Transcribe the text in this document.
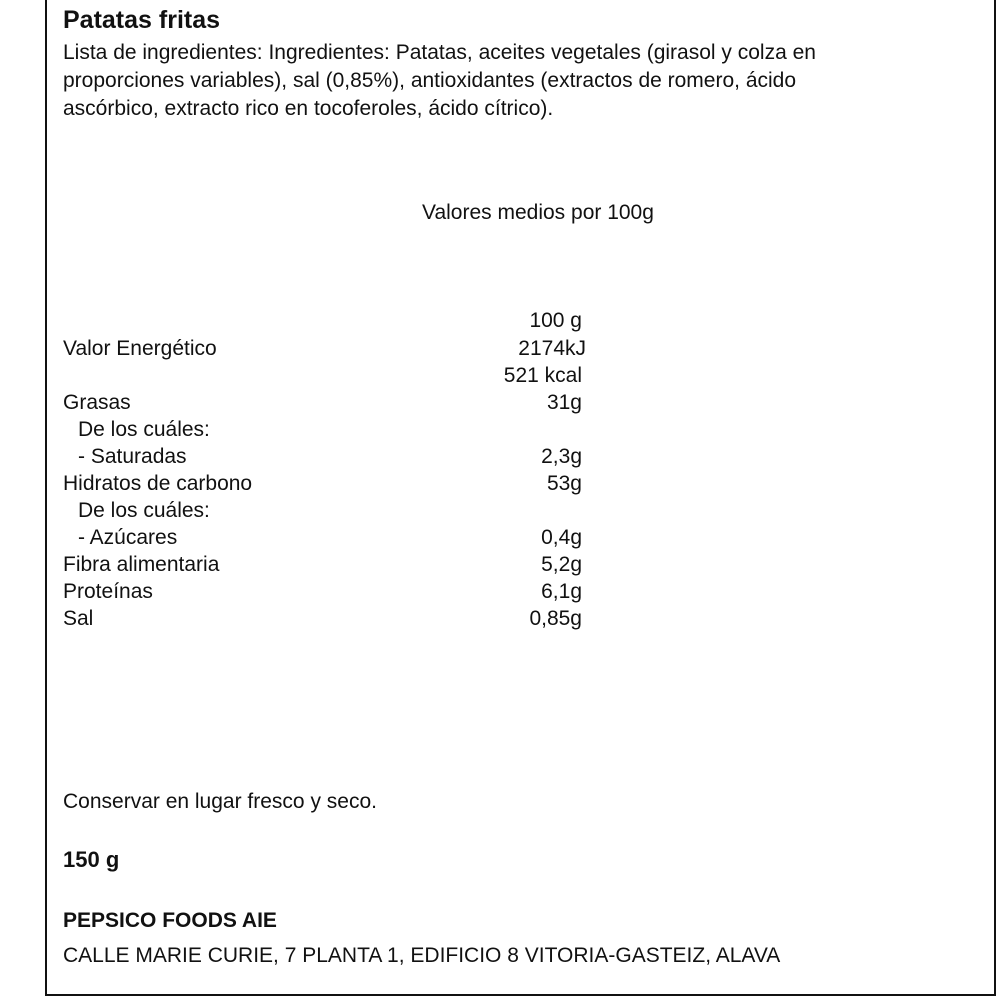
Patatas fritas
Lista de ingredientes: Ingredientes: Patatas, aceites vegetales (girasol y colza en
proporciones variables), sal (0,85%), antioxidantes (extractos de romero, ácido
ascórbico, extracto rico en tocoferoles, ácido cítrico).
Valores medios por 100g
100 g
Valor Energético	2174kJ
521 kcal
Grasas	31g
De los cuáles:
- Saturadas	2,3g
Hidratos de carbono	53g
De los cuáles:
- Azúcares	0,4g
Fibra alimentaria	5,2g
Proteínas	6,1g
Sal	0,85g
Conservar en lugar fresco y seco.
150 g
PEPSICO FOODS AIE
CALLE MARIE CURIE, 7 PLANTA 1, EDIFICIO 8 VITORIA-GASTEIZ, ALAVA
